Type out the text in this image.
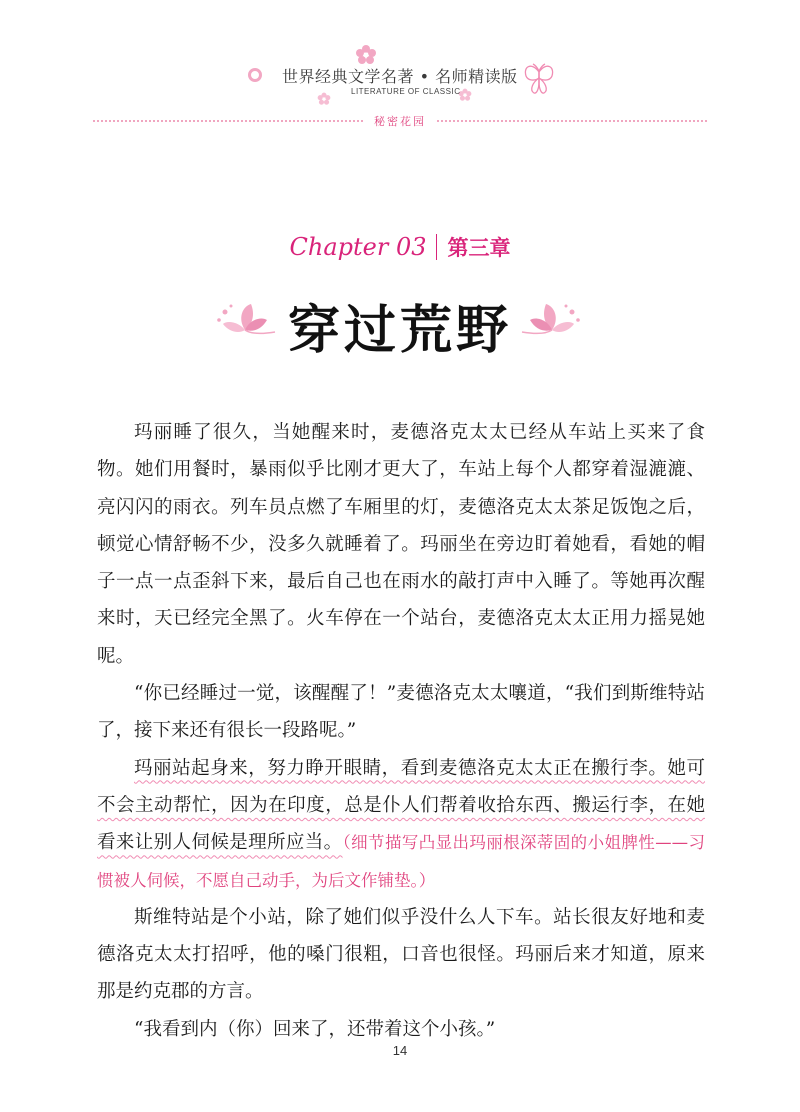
世界经典文学名著 • 名师精读版
LITERATURE OF CLASSIC
秘密花园
Chapter 03 第三章
穿过荒野

玛丽睡了很久，当她醒来时，麦德洛克太太已经从车站上买来了食物。她们用餐时，暴雨似乎比刚才更大了，车站上每个人都穿着湿漉漉、亮闪闪的雨衣。列车员点燃了车厢里的灯，麦德洛克太太茶足饭饱之后，顿觉心情舒畅不少，没多久就睡着了。玛丽坐在旁边盯着她看，看她的帽子一点一点歪斜下来，最后自己也在雨水的敲打声中入睡了。等她再次醒来时，天已经完全黑了。火车停在一个站台，麦德洛克太太正用力摇晃她呢。

“你已经睡过一觉，该醒醒了！”麦德洛克太太嚷道，“我们到斯维特站了，接下来还有很长一段路呢。”

玛丽站起身来，努力睁开眼睛，看到麦德洛克太太正在搬行李。她可不会主动帮忙，因为在印度，总是仆人们帮着收拾东西、搬运行李，在她看来让别人伺候是理所应当。（细节描写凸显出玛丽根深蒂固的小姐脾性——习惯被人伺候，不愿自己动手，为后文作铺垫。）

斯维特站是个小站，除了她们似乎没什么人下车。站长很友好地和麦德洛克太太打招呼，他的嗓门很粗，口音也很怪。玛丽后来才知道，原来那是约克郡的方言。

“我看到内（你）回来了，还带着这个小孩。”

14
